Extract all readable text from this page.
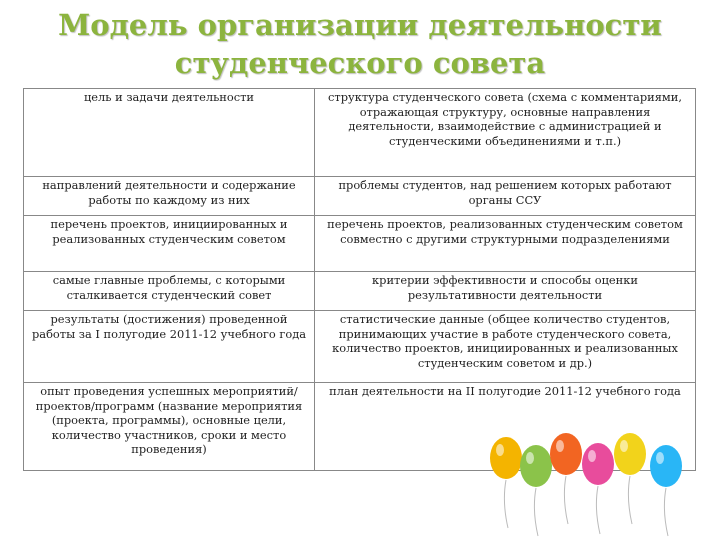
Модель организации деятельности
студенческого совета
цель и задачи деятельности	структура студенческого совета (схема с комментариями, отражающая структуру, основные направления деятельности, взаимодействие с администрацией и студенческими объединениями и т.п.)
направлений деятельности и содержание работы по каждому из них	проблемы студентов, над решением которых работают органы ССУ
перечень проектов, инициированных и реализованных студенческим советом	перечень проектов, реализованных студенческим советом совместно с другими структурными подразделениями
самые главные проблемы, с которыми сталкивается студенческий совет	критерии эффективности и способы оценки результативности деятельности
результаты (достижения) проведенной работы за I полугодие 2011-12 учебного года	статистические данные (общее количество студентов, принимающих участие в работе студенческого совета, количество проектов, инициированных и реализованных студенческим советом и др.)
опыт проведения успешных мероприятий/проектов/программ (название мероприятия (проекта, программы), основные цели, количество участников, сроки и место проведения)	план деятельности на II полугодие 2011-12 учебного года
